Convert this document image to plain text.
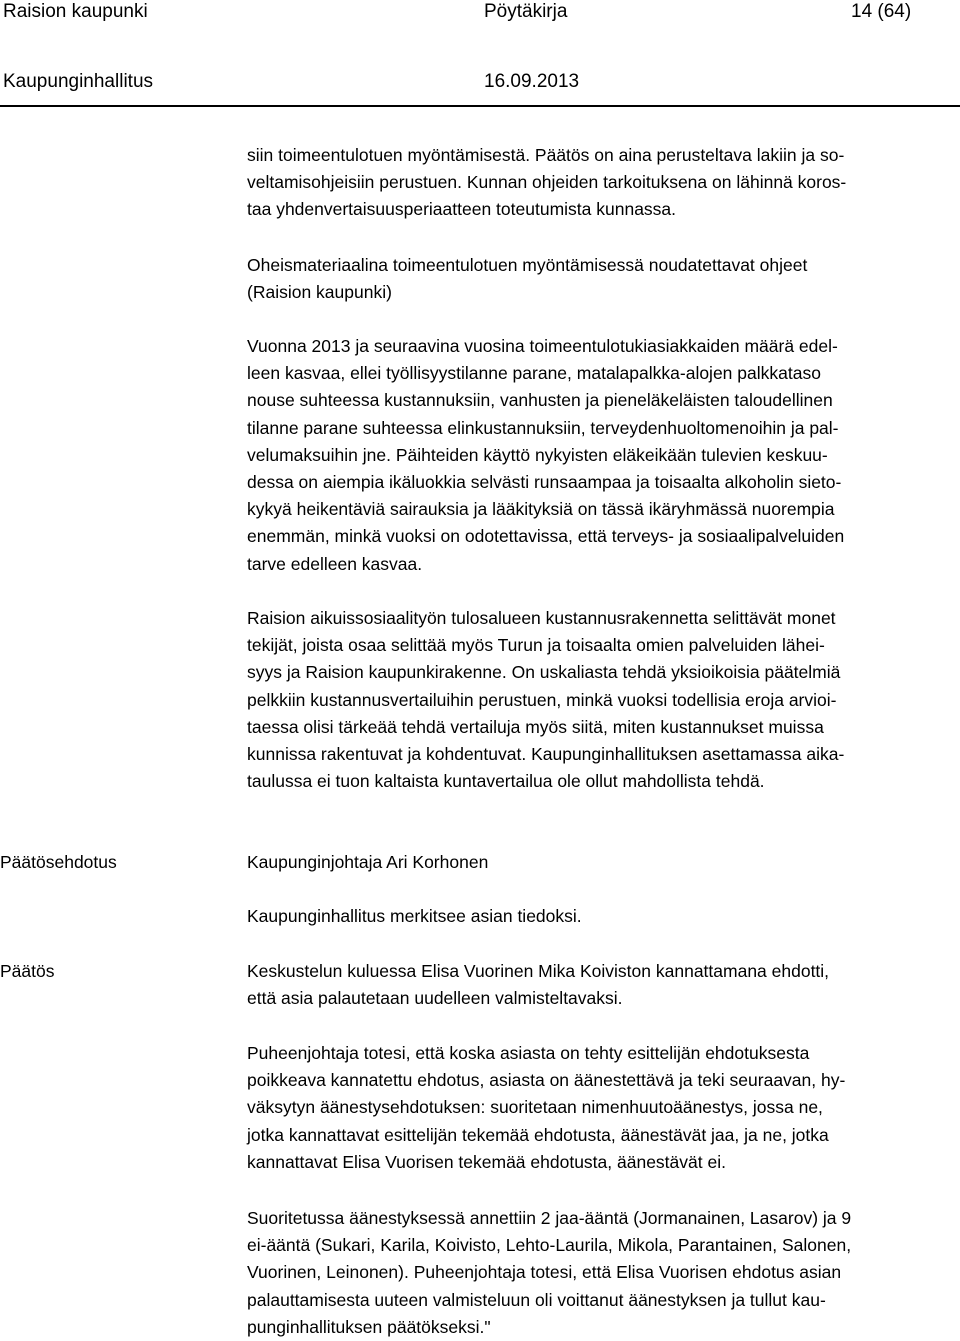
Raision kaupunki	Pöytäkirja	14 (64)
Kaupunginhallitus	16.09.2013
siin toimeentulotuen myöntämisestä. Päätös on aina perusteltava lakiin ja so-
veltamisohjeisiin perustuen. Kunnan ohjeiden tarkoituksena on lähinnä koros-
taa yhdenvertaisuusperiaatteen toteutumista kunnassa.
Oheismateriaalina toimeentulotuen myöntämisessä noudatettavat ohjeet
(Raision kaupunki)
Vuonna 2013 ja seuraavina vuosina toimeentulotukiasiakkaiden määrä edel-
leen kasvaa, ellei työllisyystilanne parane, matalapalkka-alojen palkkataso
nouse suhteessa kustannuksiin, vanhusten ja pieneläkeläisten taloudellinen
tilanne parane suhteessa elinkustannuksiin, terveydenhuoltomenoihin ja pal-
velumaksuihin jne. Päihteiden käyttö nykyisten eläkeikään tulevien keskuu-
dessa on aiempia ikäluokkia selvästi runsaampaa ja toisaalta alkoholin sieto-
kykyä heikentäviä sairauksia ja lääkityksiä on tässä ikäryhmässä nuorempia
enemmän, minkä vuoksi on odotettavissa, että terveys- ja sosiaalipalveluiden
tarve edelleen kasvaa.
Raision aikuissosiaalityön tulosalueen kustannusrakennetta selittävät monet
tekijät, joista osaa selittää myös Turun ja toisaalta omien palveluiden lähei-
syys ja Raision kaupunkirakenne. On uskaliasta tehdä yksioikoisia päätelmiä
pelkkiin kustannusvertailuihin perustuen, minkä vuoksi todellisia eroja arvioi-
taessa olisi tärkeää tehdä vertailuja myös siitä, miten kustannukset muissa
kunnissa rakentuvat ja kohdentuvat. Kaupunginhallituksen asettamassa aika-
taulussa ei tuon kaltaista kuntavertailua ole ollut mahdollista tehdä.
Päätösehdotus	Kaupunginjohtaja Ari Korhonen
Kaupunginhallitus merkitsee asian tiedoksi.
Päätös	Keskustelun kuluessa Elisa Vuorinen Mika Koiviston kannattamana ehdotti,
että asia palautetaan uudelleen valmisteltavaksi.
Puheenjohtaja totesi, että koska asiasta on tehty esittelijän ehdotuksesta
poikkeava kannatettu ehdotus, asiasta on äänestettävä ja teki seuraavan, hy-
väksytyn äänestysehdotuksen: suoritetaan nimenhuutoäänestys, jossa ne,
jotka kannattavat esittelijän tekemää ehdotusta, äänestävät jaa, ja ne, jotka
kannattavat Elisa Vuorisen tekemää ehdotusta, äänestävät ei.
Suoritetussa äänestyksessä annettiin 2 jaa-ääntä (Jormanainen, Lasarov) ja 9
ei-ääntä (Sukari, Karila, Koivisto, Lehto-Laurila, Mikola, Parantainen, Salonen,
Vuorinen, Leinonen). Puheenjohtaja totesi, että Elisa Vuorisen ehdotus asian
palauttamisesta uuteen valmisteluun oli voittanut äänestyksen ja tullut kau-
punginhallituksen päätökseksi."
